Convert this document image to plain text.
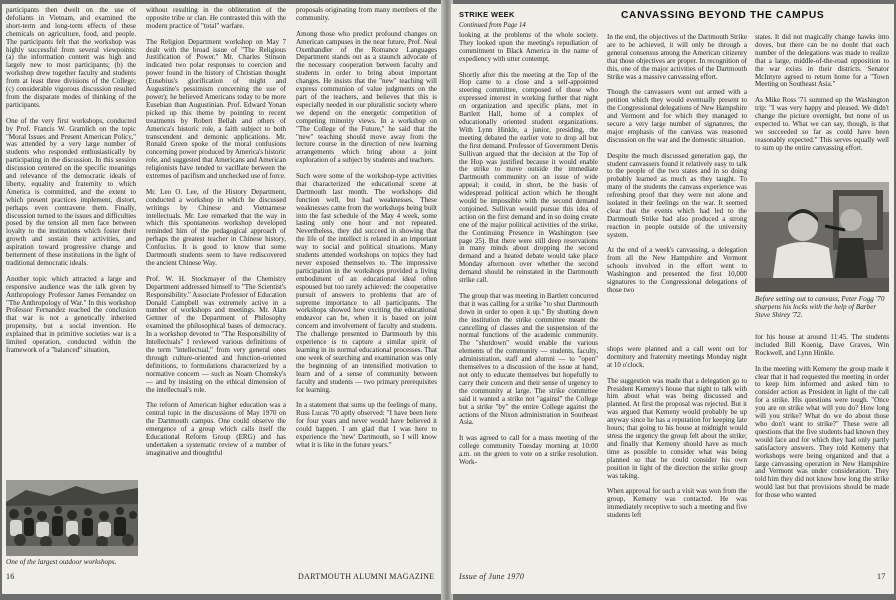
participants then dwelt on the use of defoliants in Vietnam, and examined the short-term and long-term effects of these chemicals on agriculture, food, and people. The participants felt that the workshop was highly successful from several viewpoints: (a) the information content was high and largely new to most participants; (b) the workshop drew together faculty and students from at least three divisions of the College; (c) considerable vigorous discussion resulted from the disparate modes of thinking of the participants.

One of the very first workshops, conducted by Prof. Francis W. Gramlich on the topic "Moral Issues and Present American Policy," was attended by a very large number of students who responded enthusiastically by participating in the discussion. In this session discussion centered on the specific meanings and relevance of the democratic ideals of liberty, equality and fraternity to which America is committed, and the extent to which present practices implement, distort, perhaps even contravene them. Finally, discussion turned to the issues and difficulties posed by the tension all men face between loyalty to the institutions which foster their growth and sustain their activities, and aspiration toward progressive change and betterment of these institutions in the light of traditional democratic ideals.

Another topic which attracted a large and responsive audience was the talk given by Anthropology Professor James Fernandez on "The Anthropology of War." In this workshop Professor Fernandez reached the conclusion that war is not a genetically inherited propensity, but a social invention. He explained that in primitive societies war is a limited operation, conducted within the framework of a "balanced" situation,

without resulting in the obliteration of the opposite tribe or clan. He contrasted this with the modern practice of "total" warfare.

The Religion Department workshop on May 7 dealt with the broad issue of "The Religious Justification of Power." Mr. Charles Stinson indicated two polar responses to coercion and power found in the history of Christian thought (Eusebius's glorification of might and Augustine's pessimism concerning the use of power); he believed Americans today to be more Eusebian than Augustinian. Prof. Edward Yonan picked up this theme by pointing to recent treatments by Robert Bellah and others of America's historic role, a faith subject to both transcendent and demonic applications. Mr. Ronald Green spoke of the moral confusions concerning power produced by America's historic role, and suggested that Americans and American religionists have tended to vacillate between the extremes of pacifism and unchecked use of force.

Mr. Leo O. Lee, of the History Department, conducted a workshop in which he discussed writings by Chinese and Vietnamese intellectuals. Mr. Lee remarked that the way in which this spontaneous workshop developed reminded him of the pedagogical approach of perhaps the greatest teacher in Chinese history, Confucius. It is good to know that some Dartmouth students seem to have rediscovered the ancient Chinese Way.

Prof. W. H. Stockmayer of the Chemistry Department addressed himself to "The Scientist's Responsibility." Associate Professor of Education Donald Campbell was extremely active in a number of workshops and meetings. Mr. Alan Gettner of the Department of Philosophy examined the philosophical bases of democracy. In a workshop devoted to "The Responsibility of Intellectuals" I reviewed various definitions of the term "intellectual," from very general ones through culture-oriented and function-oriented definitions, to formulations characterized by a normative concern — such as Noam Chomsky's — and by insisting on the ethical dimension of the intellectual's role.

The reform of American higher education was a central topic in the discussions of May 1970 on the Dartmouth campus. One could observe the emergence of a group which calls itself the Educational Reform Group (ERG) and has undertaken a systematic review of a number of imaginative and thoughtful

proposals originating from many members of the community.

Among those who predict profound changes on American campuses in the near future, Prof. Neal Oxenhandler of the Romance Languages Department stands out as a staunch advocate of the necessary cooperation between faculty and students in order to bring about important changes. He insists that the "new" teaching will express communion of value judgments on the part of the teachers, and believes that this is especially needed in our pluralistic society where we depend on the energetic competition of competing minority views. In a workshop on "The College of the Future," he said that the "new" teaching should move away from the lecture course in the direction of new learning arrangements which bring about a joint exploration of a subject by students and teachers.

Such were some of the workshop-type activities that characterized the educational scene at Dartmouth last month. The workshops did function well, but had weaknesses. These weaknesses came from the workshops being built into the fast schedule of the May 4 week, some lasting only one hour and not repeated. Nevertheless, they did succeed in showing that the life of the intellect is related in an important way to social and political situations. Many students attended workshops on topics they had never exposed themselves to. The impressive participation in the workshops provided a living embodiment of an educational ideal often espoused but too rarely achieved: the cooperative pursuit of answers to problems that are of supreme importance to all participants. The workshops showed how exciting the educational endeavor can be, when it is based on joint concern and involvement of faculty and students. The challenge presented to Dartmouth by this experience is to capture a similar spirit of learning in its normal educational processes. That one week of searching and examination was only the beginning of an intensified motivation to learn and of a sense of community between faculty and students — two primary prerequisites for learning.

In a statement that sums up the feelings of many, Russ Lucas '70 aptly observed: "I have been here for four years and never would have believed it could happen. I am glad that I was here to experience the 'new' Dartmouth, so I will know what it is like in the future years."

One of the largest outdoor workshops.
16	DARTMOUTH ALUMNI MAGAZINE
STRIKE WEEK
Continued from Page 14

looking at the problems of the whole society. They looked upon the meeting's repudiation of commitment to Black America in the name of expediency with utter contempt.

Shortly after this the meeting at the Top of the Hop came to a close and a self-appointed steering committee, composed of those who expressed interest in working further that night on organization and specific plans, met in Bartlett Hall, home of a complex of educationally oriented student organizations. With Lynn Hinkle, a junior, presiding, the meeting debated the earlier vote to drop all but the first demand. Professor of Government Denis Sullivan argued that the decision at the Top of the Hop was justified because it would enable the strike to move outside the immediate Dartmouth community on an issue of wide appeal; it could, in short, be the basis of widespread political action which he thought would be impossible with the second demand conjoined. Sullivan would pursue this idea of action on the first demand and in so doing create one of the major political activities of the strike, the Continuing Presence in Washington (see page 25). But there were still deep reservations in many minds about dropping the second demand and a heated debate would take place Monday afternoon over whether the second demand should be reinstated in the Dartmouth strike call.

The group that was meeting in Bartlett concurred that it was calling for a strike "to shut Dartmouth down in order to open it up." By shutting down the institution the strike committee meant the cancelling of classes and the suspension of the normal functions of the academic community. The "shutdown" would enable the various elements of the community — students, faculty, administration, staff and alumni — to "open" themselves to a discussion of the issue at hand, not only to educate themselves but hopefully to carry their concern and their sense of urgency to the community at large. The strike committee said it wanted a strike not "against" the College but a strike "by" the entire College against the actions of the Nixon administration in Southeast Asia.

It was agreed to call for a mass meeting of the college community Tuesday morning at 10:00 a.m. on the green to vote on a strike resolution. Work-

CANVASSING BEYOND THE CAMPUS

In the end, the objectives of the Dartmouth Strike are to be achieved, it will only be through a general consensus among the American citizenry that those objectives are proper. In recognition of this, one of the major activities of the Dartmouth Strike was a massive canvassing effort.

Though the canvassers went out armed with a petition which they would eventually present to the Congressional delegations of New Hampshire and Vermont and for which they managed to secure a very large number of signatures, the major emphasis of the canvass was reasoned discussion on the war and the domestic situation.

Despite the much discussed generation gap, the student canvassers found it relatively easy to talk to the people of the two states and in so doing probably learned as much as they taught. To many of the students the canvass experience was refreshing proof that they were not alone and isolated in their feelings on the war. It seemed clear that the events which had led to the Dartmouth Strike had also produced a strong reaction in people outside of the university system.

At the end of a week's canvassing, a delegation from all the New Hampshire and Vermont schools involved in the effort went to Washington and presented the first 10,000 signatures to the Congressional delegations of those two

states. It did not magically change hawks into doves, but there can be no doubt that each number of the delegations was made to realize that a large, middle-of-the-road opposition to the war exists in their districts. Senator McIntyre agreed to return home for a "Town Meeting on Southeast Asia."

As Mike Ross '71 summed up the Washington trip: "I was very happy and pleased. We didn't change the picture overnight, but none of us expected to. What we can say, though, is that we succeeded so far as could have been reasonably expected." This serves equally well to sum up the entire canvassing effort.

Before setting out to canvass, Peter Fogg '70 sharpens his locks with the help of Barber Steve Shirey '72.

shops were planned and a call went out for dormitory and fraternity meetings Monday night at 10 o'clock.

The suggestion was made that a delegation go to President Kemeny's house that night to talk with him about what was being discussed and planned. At first the proposal was rejected. But it was argued that Kemeny would probably be up anyway since he has a reputation for keeping late hours; that going to his house at midnight would stress the urgency the group felt about the strike; and finally that Kemeny should have as much time as possible to consider what was being planned so that he could consider his own position in light of the direction the strike group was taking.

When approval for such a visit was won from the group, Kemeny was contacted. He was immediately receptive to such a meeting and five students left

for his house at around 11:45. The students included Bill Koenig, Dave Graves, Win Rockwell, and Lynn Hinkle.

In the meeting with Kemeny the group made it clear that it had requested the meeting in order to keep him informed and asked him to consider action as President in light of the call for a strike. His questions were tough. "Once you are on strike what will you do? How long will you strike? What do we do about those who don't want to strike?" These were all questions that the five students had known they would face and for which they had only partly satisfactory answers. They told Kemeny that workshops were being organized and that a large canvassing operation in New Hampshire and Vermont was under consideration. They told him they did not know how long the strike would last but that provisions should be made for those who wanted

Issue of June 1970	17
